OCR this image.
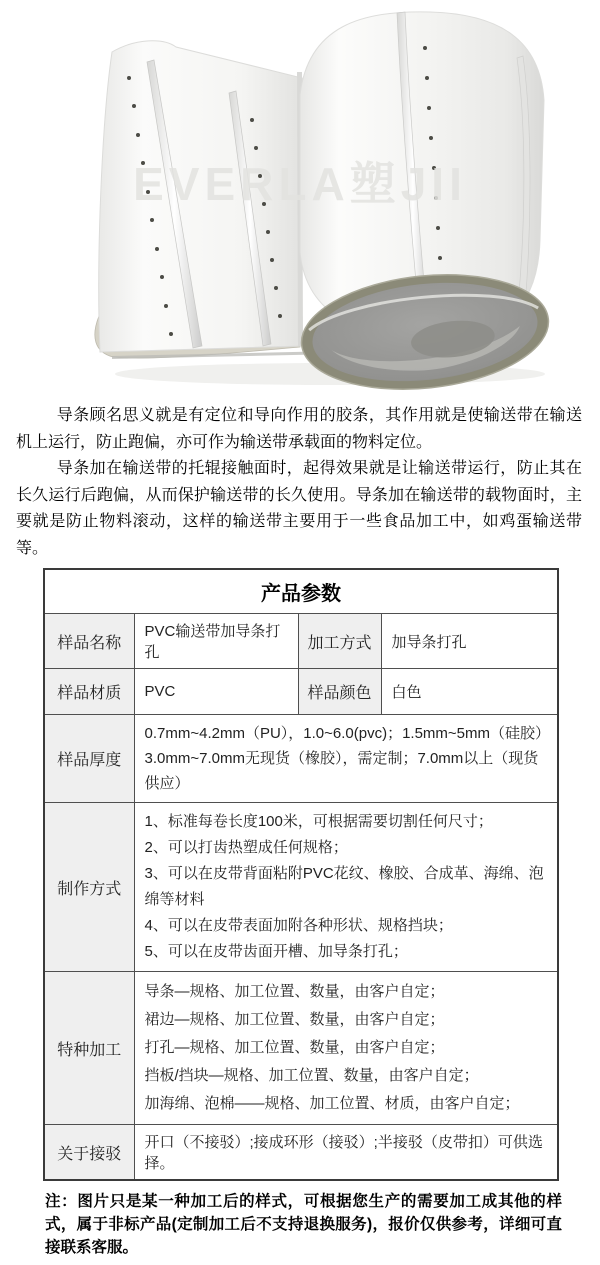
EVERLA塑JII

导条顾名思义就是有定位和导向作用的胶条，其作用就是使输送带在输送机上运行，防止跑偏，亦可作为输送带承载面的物料定位。

导条加在输送带的托辊接触面时，起得效果就是让输送带运行，防止其在长久运行后跑偏，从而保护输送带的长久使用。导条加在输送带的载物面时，主要就是防止物料滚动，这样的输送带主要用于一些食品加工中，如鸡蛋输送带等。

产品参数			
样品名称	PVC输送带加导条打孔	加工方式	加导条打孔
样品材质	PVC	样品颜色	白色
样品厚度	0.7mm~4.2mm（PU），1.0~6.0(pvc)；1.5mm~5mm（硅胶）
3.0mm~7.0mm无现货（橡胶），需定制；7.0mm以上（现货供应）		

制作方式	1、标准每卷长度100米，可根据需要切割任何尺寸；
2、可以打齿热塑成任何规格；
3、可以在皮带背面粘附PVC花纹、橡胶、合成革、海绵、泡绵等材料
4、可以在皮带表面加附各种形状、规格挡块；
5、可以在皮带齿面开槽、加导条打孔；		

特种加工	导条—规格、加工位置、数量，由客户自定；
裙边—规格、加工位置、数量，由客户自定；
打孔—规格、加工位置、数量，由客户自定；
挡板/挡块—规格、加工位置、数量，由客户自定；
加海绵、泡棉——规格、加工位置、材质，由客户自定；		

关于接驳	开口（不接驳）;接成环形（接驳）;半接驳（皮带扣）可供选择。		
注：图片只是某一种加工后的样式，可根据您生产的需要加工成其他的样式，属于非标产品(定制加工后不支持退换服务)，报价仅供参考，详细可直接联系客服。
